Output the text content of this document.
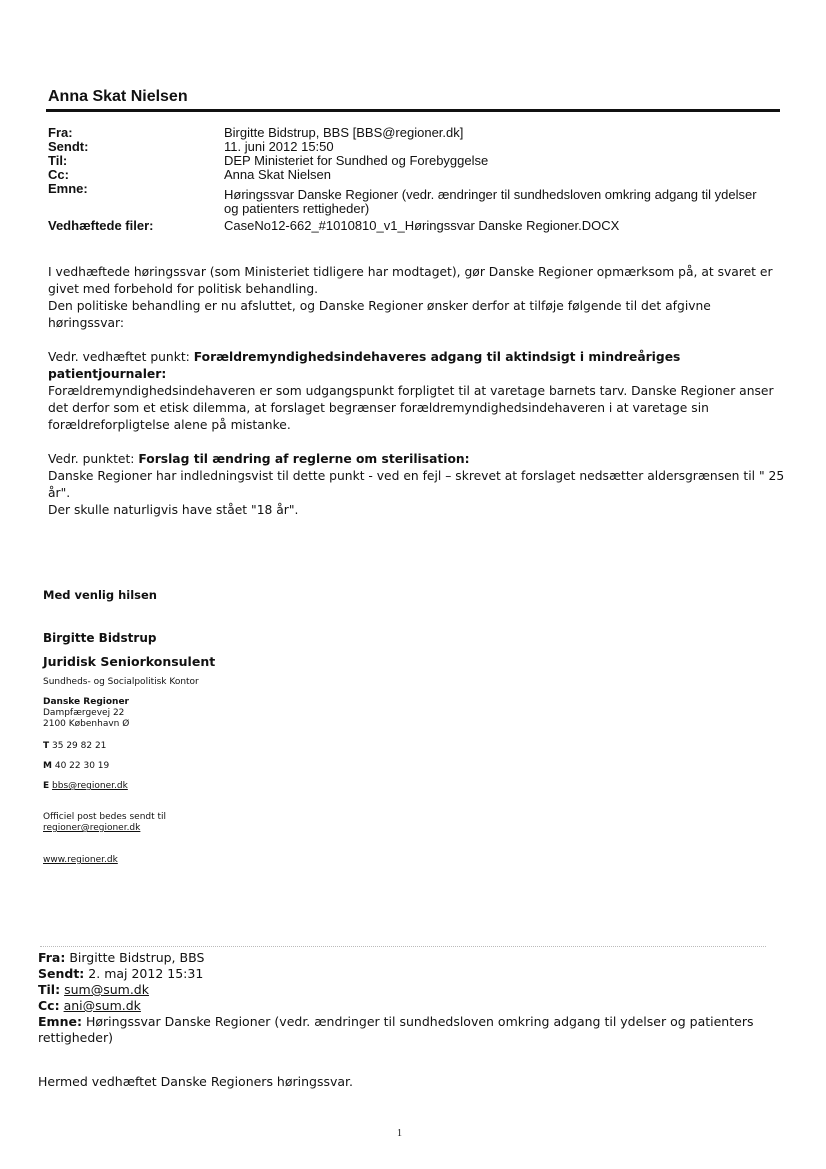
Anna Skat Nielsen
Fra:	Birgitte Bidstrup, BBS [BBS@regioner.dk]
Sendt:	11. juni 2012 15:50
Til:	DEP Ministeriet for Sundhed og Forebyggelse
Cc:	Anna Skat Nielsen
Emne:	Høringssvar Danske Regioner (vedr. ændringer til sundhedsloven omkring adgang til ydelser og patienters rettigheder)
Vedhæftede filer:	CaseNo12-662_#1010810_v1_Høringssvar Danske Regioner.DOCX

I vedhæftede høringssvar (som Ministeriet tidligere har modtaget), gør Danske Regioner opmærksom på, at svaret er givet med forbehold for politisk behandling.

Den politiske behandling er nu afsluttet, og Danske Regioner ønsker derfor at tilføje følgende til det afgivne høringssvar:

Vedr. vedhæftet punkt: Forældremyndighedsindehaveres adgang til aktindsigt i mindreåriges patientjournaler:

Forældremyndighedsindehaveren er som udgangspunkt forpligtet til at varetage barnets tarv. Danske Regioner anser det derfor som et etisk dilemma, at forslaget begrænser forældremyndighedsindehaveren i at varetage sin forældreforpligtelse alene på mistanke.

Vedr. punktet: Forslag til ændring af reglerne om sterilisation:

Danske Regioner har indledningsvist til dette punkt - ved en fejl – skrevet at forslaget nedsætter aldersgrænsen til " 25 år".

Der skulle naturligvis have stået "18 år".

Med venlig hilsen
Birgitte Bidstrup
Juridisk Seniorkonsulent
Sundheds- og Socialpolitisk Kontor
Danske Regioner
Dampfærgevej 22
2100 København Ø
T 35 29 82 21
M 40 22 30 19
E bbs@regioner.dk
Officiel post bedes sendt til
regioner@regioner.dk
www.regioner.dk
Fra: Birgitte Bidstrup, BBS
Sendt: 2. maj 2012 15:31
Til: sum@sum.dk
Cc: ani@sum.dk
Emne: Høringssvar Danske Regioner (vedr. ændringer til sundhedsloven omkring adgang til ydelser og patienters rettigheder)
Hermed vedhæftet Danske Regioners høringssvar.
1
